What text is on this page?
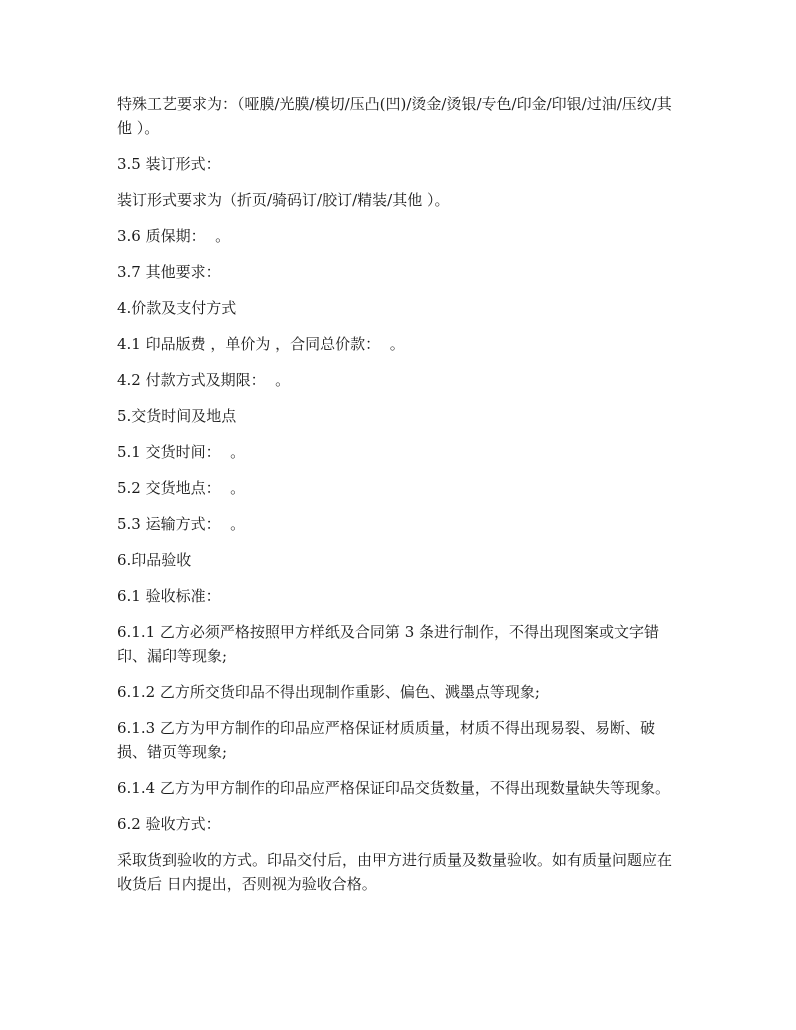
特殊工艺要求为：（哑膜/光膜/模切/压凸(凹)/烫金/烫银/专色/印金/印银/过油/压纹/其他 ）。

3.5 装订形式：

装订形式要求为（折页/骑码订/胶订/精装/其他 ）。

3.6 质保期：  。

3.7 其他要求：

4.价款及支付方式

4.1 印品版费 ，单价为 ，合同总价款：  。

4.2 付款方式及期限：  。

5.交货时间及地点

5.1 交货时间：  。

5.2 交货地点：  。

5.3 运输方式：  。

6.印品验收

6.1 验收标准：

6.1.1 乙方必须严格按照甲方样纸及合同第 3 条进行制作，不得出现图案或文字错印、漏印等现象;

6.1.2 乙方所交货印品不得出现制作重影、偏色、溅墨点等现象;

6.1.3 乙方为甲方制作的印品应严格保证材质质量，材质不得出现易裂、易断、破损、错页等现象;

6.1.4 乙方为甲方制作的印品应严格保证印品交货数量，不得出现数量缺失等现象。

6.2 验收方式：

采取货到验收的方式。印品交付后，由甲方进行质量及数量验收。如有质量问题应在收货后 日内提出，否则视为验收合格。
